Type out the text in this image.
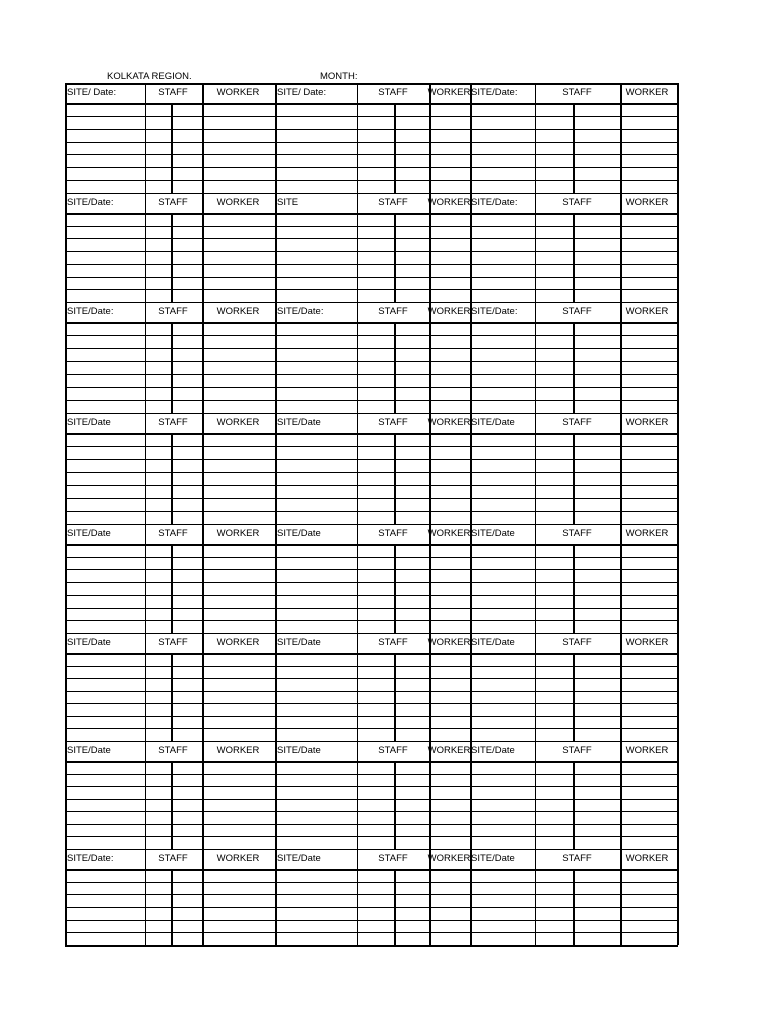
KOLKATA REGION.	MONTH:
SITE/ Date:	STAFF	WORKER SITE/ Date:	STAFF WORKER SITE/Date:	STAFF	WORKER
SITE/Date:	STAFF	WORKER SITE	STAFF WORKER SITE/Date:	STAFF	WORKER
SITE/Date:	STAFF	WORKER SITE/Date:	STAFF WORKER SITE/Date:	STAFF	WORKER
SITE/Date	STAFF	WORKER SITE/Date	STAFF WORKER SITE/Date	STAFF	WORKER
SITE/Date	STAFF	WORKER SITE/Date	STAFF WORKER SITE/Date	STAFF	WORKER
SITE/Date	STAFF	WORKER SITE/Date	STAFF WORKER SITE/Date	STAFF	WORKER
SITE/Date	STAFF	WORKER SITE/Date	STAFF WORKER SITE/Date	STAFF	WORKER
SITE/Date:	STAFF	WORKER SITE/Date	STAFF WORKER SITE/Date	STAFF	WORKER
